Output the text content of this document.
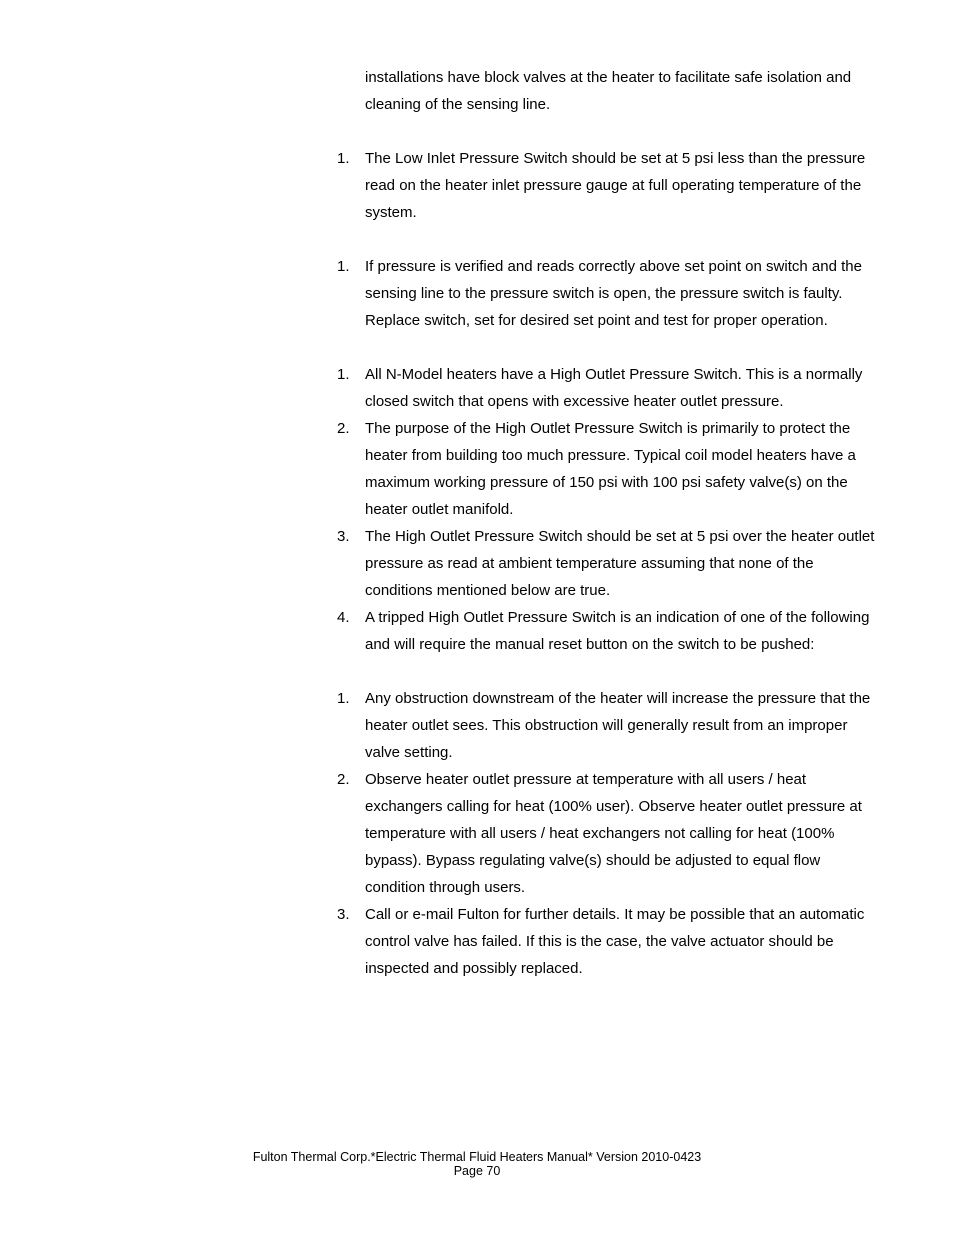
installations have block valves at the heater to facilitate safe isolation and cleaning of the sensing line.

1.	The Low Inlet Pressure Switch should be set at 5 psi less than the pressure read on the heater inlet pressure gauge at full operating temperature of the system.
1.	If pressure is verified and reads correctly above set point on switch and the sensing line to the pressure switch is open, the pressure switch is faulty. Replace switch, set for desired set point and test for proper operation.
1.	All N-Model heaters have a High Outlet Pressure Switch. This is a normally closed switch that opens with excessive heater outlet pressure.
2.	The purpose of the High Outlet Pressure Switch is primarily to protect the heater from building too much pressure. Typical coil model heaters have a maximum working pressure of 150 psi with 100 psi safety valve(s) on the heater outlet manifold.
3.	The High Outlet Pressure Switch should be set at 5 psi over the heater outlet pressure as read at ambient temperature assuming that none of the conditions mentioned below are true.
4.	A tripped High Outlet Pressure Switch is an indication of one of the following and will require the manual reset button on the switch to be pushed:
1.	Any obstruction downstream of the heater will increase the pressure that the heater outlet sees. This obstruction will generally result from an improper valve setting.
2.	Observe heater outlet pressure at temperature with all users / heat exchangers calling for heat (100% user). Observe heater outlet pressure at temperature with all users / heat exchangers not calling for heat (100% bypass). Bypass regulating valve(s) should be adjusted to equal flow condition through users.
3.	Call or e-mail Fulton for further details. It may be possible that an automatic control valve has failed. If this is the case, the valve actuator should be inspected and possibly replaced.
Fulton Thermal Corp.*Electric Thermal Fluid Heaters Manual* Version 2010-0423
Page 70
